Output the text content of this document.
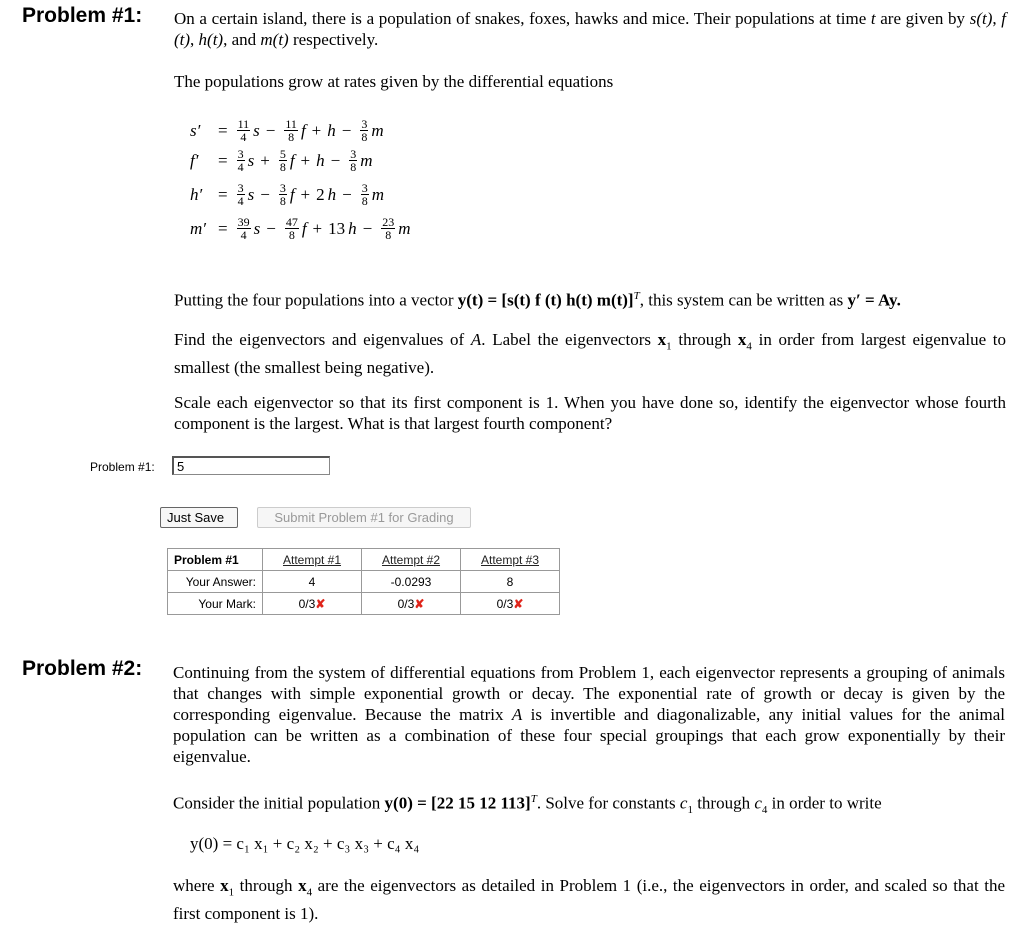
Problem #1: On a certain island, there is a population of snakes, foxes, hawks and mice. Their populations at time t are given by s(t), f (t), h(t), and m(t) respectively.
The populations grow at rates given by the differential equations
$s' = \frac{11}{4}$ $s - \frac{11}{8}$ $f + h - \frac{3}{8}$ m
$f' = \frac{3}{4}$ $s + \frac{5}{8}$ $f + h - \frac{3}{8}$ m
$h' = \frac{3}{4}$ $s - \frac{3}{8}$ f + 2 $h - \frac{3}{8}$ m
$m' = \frac{39}{4}$ $s - \frac{47}{8}$ f + 13 $h - \frac{23}{8}$ m
Putting the four populations into a vector y(t) = [s(t) f (t) h(t) m(t)]$^T$, this system can be written as y′ = Ay.
Find the eigenvectors and eigenvalues of A. Label the eigenvectors $x_1$ through $x_4$ in order from largest eigenvalue to smallest (the smallest being negative).
Scale each eigenvector so that its first component is 1. When you have done so, identify the eigenvector whose fourth component is the largest. What is that largest fourth component?
Problem #1:
5
Just Save	Submit Problem #1 for Grading
Problem #1	Attempt #1	Attempt #2	Attempt #3
Your Answer:	4	-0.0293	8
Your Mark:	0/3✘	0/3✘	0/3✘
Problem #2: Continuing from the system of differential equations from Problem 1, each eigenvector represents a grouping of animals that changes with simple exponential growth or decay. The exponential rate of growth or decay is given by the corresponding eigenvalue. Because the matrix A is invertible and diagonalizable, any initial values for the animal population can be written as a combination of these four special groupings that each grow exponentially by their eigenvalue.
Consider the initial population y(0) = [22 15 12 113]$^T$. Solve for constants $c_1$ through $c_4$ in order to write
y(0) = c₁ x₁ + c₂ x₂ + c₃ x₃ + c₄ x₄
where $x_1$ through $x_4$ are the eigenvectors as detailed in Problem 1 (i.e., the eigenvectors in order, and scaled so that the first component is 1).
